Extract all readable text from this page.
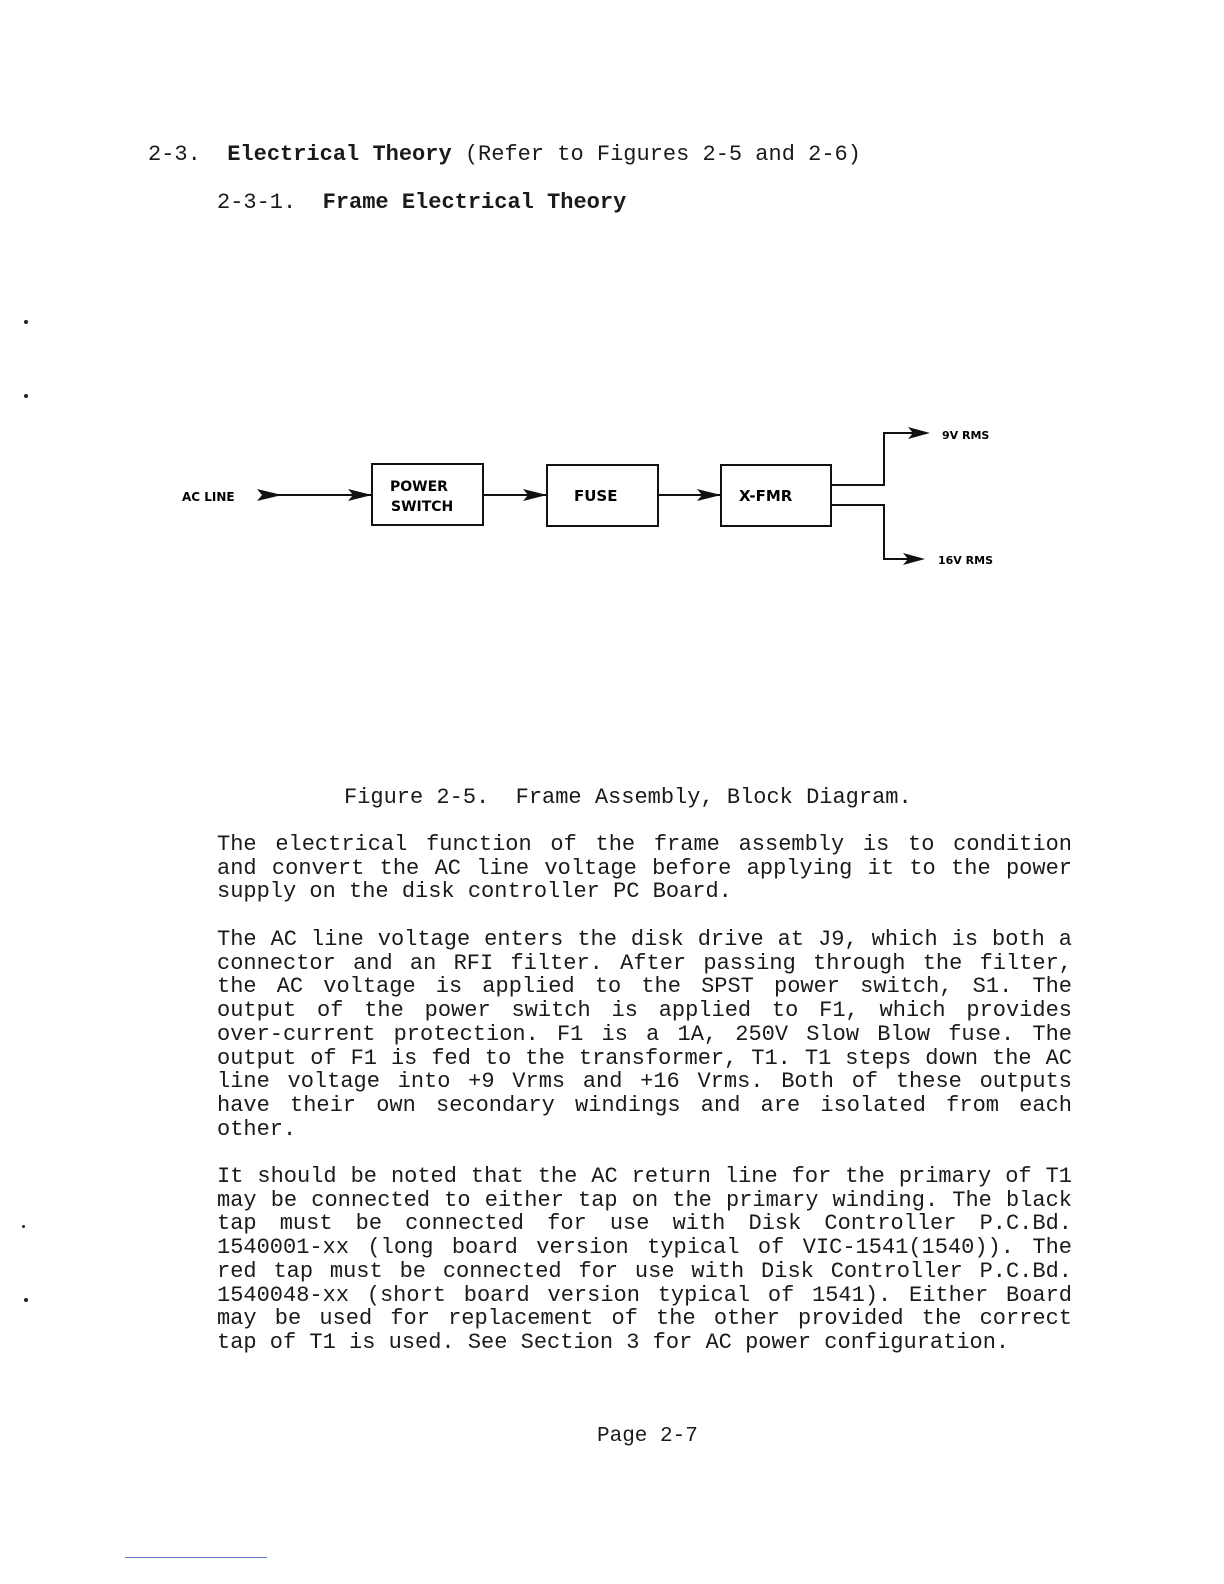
2-3. Electrical Theory (Refer to Figures 2-5 and 2-6)
2-3-1. Frame Electrical Theory
AC LINE
POWER
SWITCH
FUSE	X-FMR
9V RMS
16V RMS
Figure 2-5.  Frame Assembly, Block Diagram.
The electrical function of the frame assembly is to condition and convert the AC line voltage before applying it to the power supply on the disk controller PC Board.
The AC line voltage enters the disk drive at J9, which is both a connector and an RFI filter. After passing through the filter, the AC voltage is applied to the SPST power switch, S1. The output of the power switch is applied to F1, which provides over-current protection. F1 is a 1A, 250V Slow Blow fuse. The output of F1 is fed to the transformer, T1. T1 steps down the AC line voltage into +9 Vrms and +16 Vrms. Both of these outputs have their own secondary windings and are isolated from each other.
It should be noted that the AC return line for the primary of T1 may be connected to either tap on the primary winding. The black tap must be connected for use with Disk Controller P.C.Bd. 1540001-xx (long board version typical of VIC-1541(1540)). The red tap must be connected for use with Disk Controller P.C.Bd. 1540048-xx (short board version typical of 1541). Either Board may be used for replacement of the other provided the correct tap of T1 is used. See Section 3 for AC power configuration.
Page 2-7
